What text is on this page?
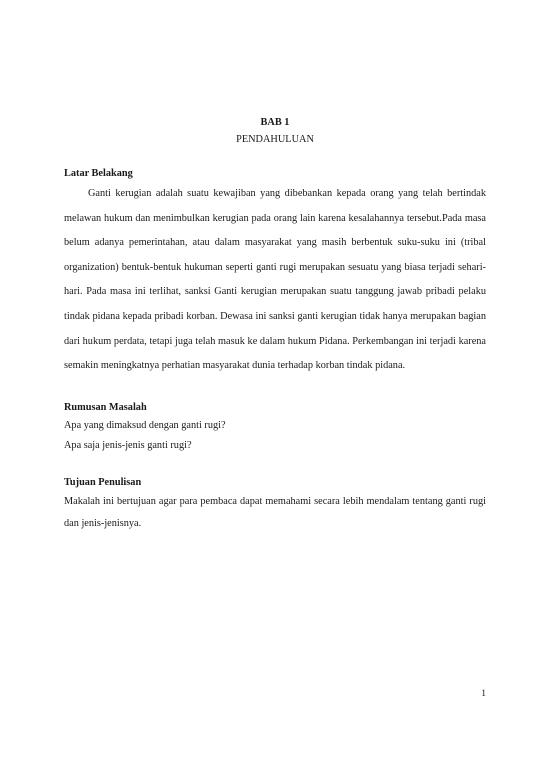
BAB 1

PENDAHULUAN

Latar Belakang

Ganti kerugian adalah suatu kewajiban yang dibebankan kepada orang yang telah bertindak melawan hukum dan menimbulkan kerugian pada orang lain karena kesalahannya tersebut.Pada masa belum adanya pemerintahan, atau dalam masyarakat yang masih berbentuk suku-suku ini (tribal organization) bentuk-bentuk hukuman seperti ganti rugi merupakan sesuatu yang biasa terjadi sehari-hari. Pada masa ini terlihat, sanksi Ganti kerugian merupakan suatu tanggung jawab pribadi pelaku tindak pidana kepada pribadi korban. Dewasa ini sanksi ganti kerugian tidak hanya merupakan bagian dari hukum perdata, tetapi juga telah masuk ke dalam hukum Pidana. Perkembangan ini terjadi karena semakin meningkatnya perhatian masyarakat dunia terhadap korban tindak pidana.

Rumusan Masalah

Apa yang dimaksud dengan ganti rugi?

Apa saja jenis-jenis ganti rugi?

Tujuan Penulisan

Makalah ini bertujuan agar para pembaca dapat memahami secara lebih mendalam tentang ganti rugi dan jenis-jenisnya.

1
